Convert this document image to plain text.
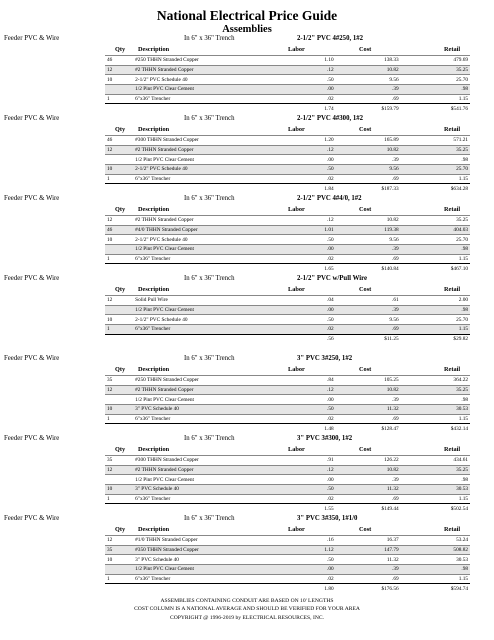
National Electrical Price Guide
Assemblies
Feeder PVC & Wire	In 6" x 36" Trench	2-1/2" PVC 4#250, 1#2
Qty Description	Labor	Cost	Retail
46	#250 THHN Stranded Copper	1.10	138.33	479.69
12	#2 THHN Stranded Copper	.12	10.82	35.25
10	2-1/2" PVC Schedule 40	.50	9.56	25.70
	1/2 Pint PVC Clear Cement	.00	.39	.98
1	6"x36" Trencher	.02	.69	1.15
		1.74	$159.79	$541.76
Feeder PVC & Wire	In 6" x 36" Trench	2-1/2" PVC 4#300, 1#2
Qty Description	Labor	Cost	Retail
46	#300 THHN Stranded Copper	1.20	165.89	571.21
12	#2 THHN Stranded Copper	.12	10.82	35.25
	1/2 Pint PVC Clear Cement	.00	.39	.98
10	2-1/2" PVC Schedule 40	.50	9.56	25.70
1	6"x36" Trencher	.02	.69	1.15
		1.84	$187.33	$634.28
Feeder PVC & Wire	In 6" x 36" Trench	2-1/2" PVC 4#4/0, 1#2
Qty Description	Labor	Cost	Retail
12	#2 THHN Stranded Copper	.12	10.82	35.25
46	#4/0 THHN Stranded Copper	1.01	119.38	404.03
10	2-1/2" PVC Schedule 40	.50	9.56	25.70
	1/2 Pint PVC Clear Cement	.00	.39	.98
1	6"x36" Trencher	.02	.69	1.15
		1.65	$140.84	$467.10
Feeder PVC & Wire	In 6" x 36" Trench	2-1/2" PVC w/Pull Wire
Qty Description	Labor	Cost	Retail
12	Solid Pull Wire	.04	.61	2.00
	1/2 Pint PVC Clear Cement	.00	.39	.98
10	2-1/2" PVC Schedule 40	.50	9.56	25.70
1	6"x36" Trencher	.02	.69	1.15
		.56	$11.25	$29.82
Feeder PVC & Wire	In 6" x 36" Trench	3" PVC 3#250, 1#2
Qty Description	Labor	Cost	Retail
35	#250 THHN Stranded Copper	.84	105.25	364.22
12	#2 THHN Stranded Copper	.12	10.82	35.25
	1/2 Pint PVC Clear Cement	.00	.39	.98
10	3" PVC Schedule 40	.50	11.32	30.53
1	6"x36" Trencher	.02	.69	1.15
		1.48	$128.47	$432.14
Feeder PVC & Wire	In 6" x 36" Trench	3" PVC 3#300, 1#2
Qty Description	Labor	Cost	Retail
35	#300 THHN Stranded Copper	.91	126.22	434.61
12	#2 THHN Stranded Copper	.12	10.82	35.25
	1/2 Pint PVC Clear Cement	.00	.39	.98
10	3" PVC Schedule 40	.50	11.32	30.53
1	6"x36" Trencher	.02	.69	1.15
		1.55	$149.44	$502.54
Feeder PVC & Wire	In 6" x 36" Trench	3" PVC 3#350, 1#1/0
Qty Description	Labor	Cost	Retail
12	#1/0 THHN Stranded Copper	.16	16.37	53.24
35	#350 THHN Stranded Copper	1.12	147.79	508.82
10	3" PVC Schedule 40	.50	11.32	30.53
	1/2 Pint PVC Clear Cement	.00	.39	.98
1	6"x36" Trencher	.02	.69	1.15
		1.80	$176.56	$594.74
ASSEMBLIES CONTAINING CONDUIT ARE BASED ON 10' LENGTHS
COST COLUMN IS A NATIONAL AVERAGE AND SHOULD BE VERIFIED FOR YOUR AREA
COPYRIGHT @ 1996-2019 by ELECTRICAL RESOURCES, INC.
